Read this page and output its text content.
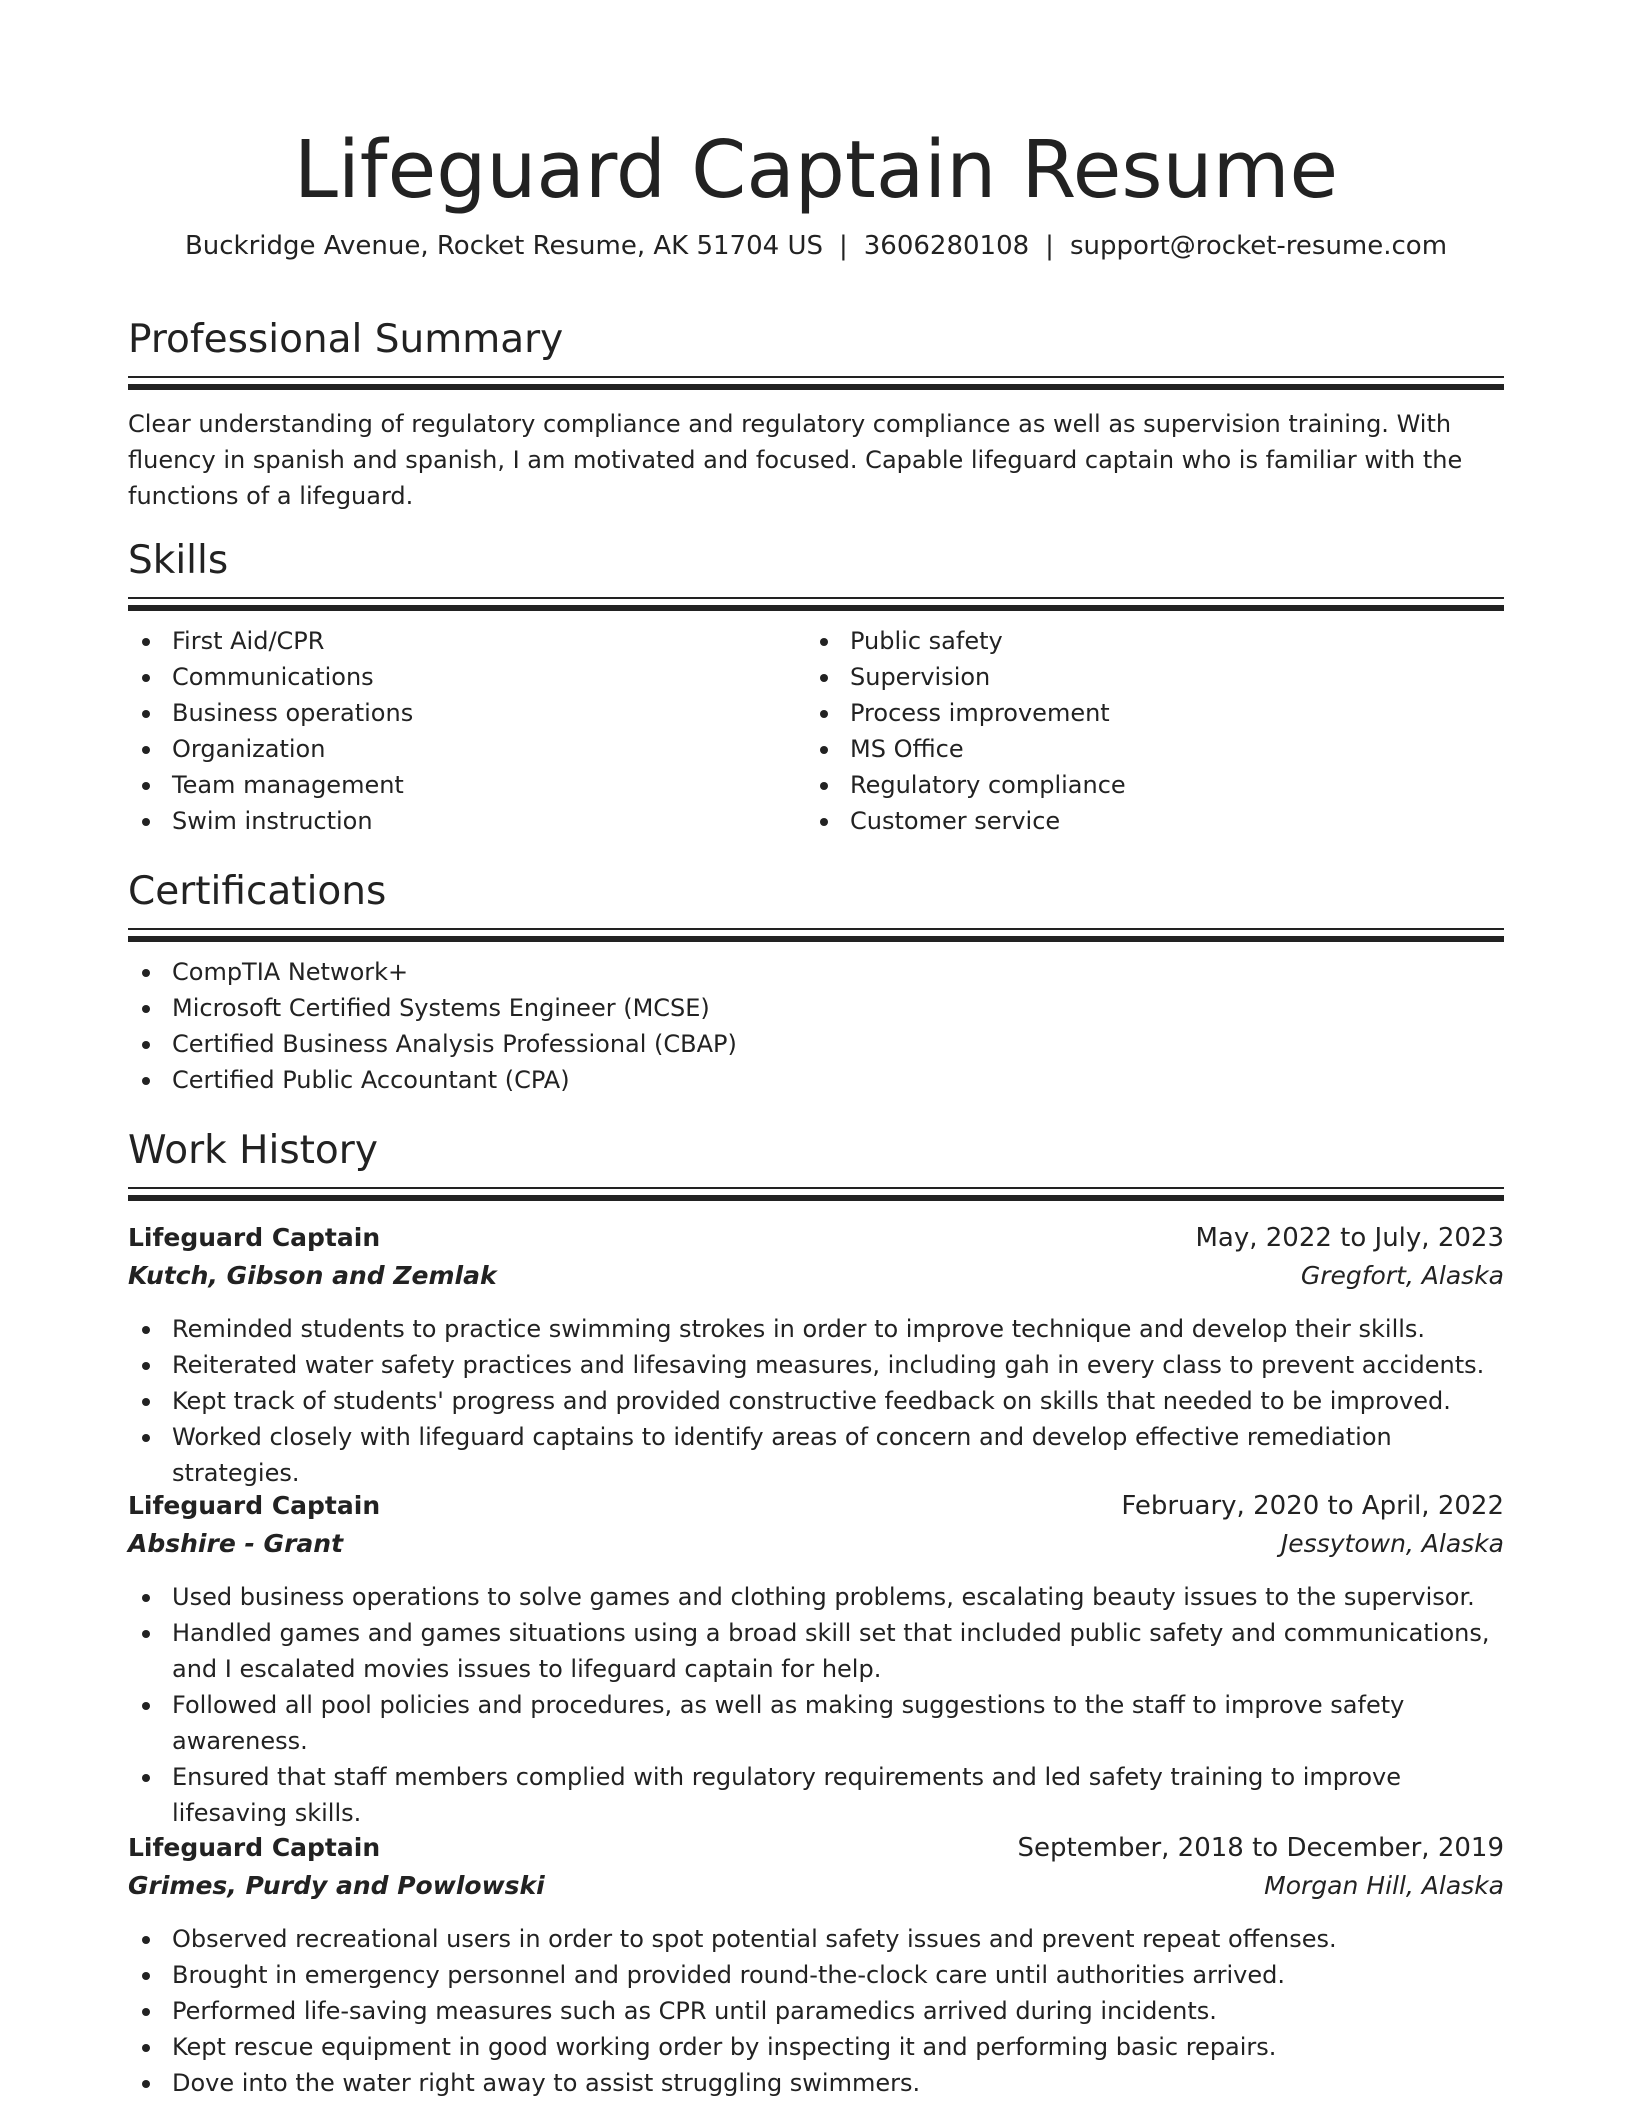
Lifeguard Captain Resume
Buckridge Avenue, Rocket Resume, AK 51704 US | 3606280108 | support@rocket-resume.com
Professional Summary
Clear understanding of regulatory compliance and regulatory compliance as well as supervision training. With fluency in spanish and spanish, I am motivated and focused. Capable lifeguard captain who is familiar with the functions of a lifeguard.
Skills
First Aid/CPR
Communications
Business operations
Organization
Team management
Swim instruction
Public safety
Supervision
Process improvement
MS Office
Regulatory compliance
Customer service
Certifications
CompTIA Network+
Microsoft Certified Systems Engineer (MCSE)
Certified Business Analysis Professional (CBAP)
Certified Public Accountant (CPA)
Work History
Lifeguard Captain	May, 2022 to July, 2023
Kutch, Gibson and Zemlak	Gregfort, Alaska
Reminded students to practice swimming strokes in order to improve technique and develop their skills.
Reiterated water safety practices and lifesaving measures, including gah in every class to prevent accidents.
Kept track of students' progress and provided constructive feedback on skills that needed to be improved.
Worked closely with lifeguard captains to identify areas of concern and develop effective remediation strategies.
Lifeguard Captain	February, 2020 to April, 2022
Abshire - Grant	Jessytown, Alaska
Used business operations to solve games and clothing problems, escalating beauty issues to the supervisor.
Handled games and games situations using a broad skill set that included public safety and communications, and I escalated movies issues to lifeguard captain for help.
Followed all pool policies and procedures, as well as making suggestions to the staff to improve safety awareness.
Ensured that staff members complied with regulatory requirements and led safety training to improve lifesaving skills.
Lifeguard Captain	September, 2018 to December, 2019
Grimes, Purdy and Powlowski	Morgan Hill, Alaska
Observed recreational users in order to spot potential safety issues and prevent repeat offenses.
Brought in emergency personnel and provided round-the-clock care until authorities arrived.
Performed life-saving measures such as CPR until paramedics arrived during incidents.
Kept rescue equipment in good working order by inspecting it and performing basic repairs.
Dove into the water right away to assist struggling swimmers.
